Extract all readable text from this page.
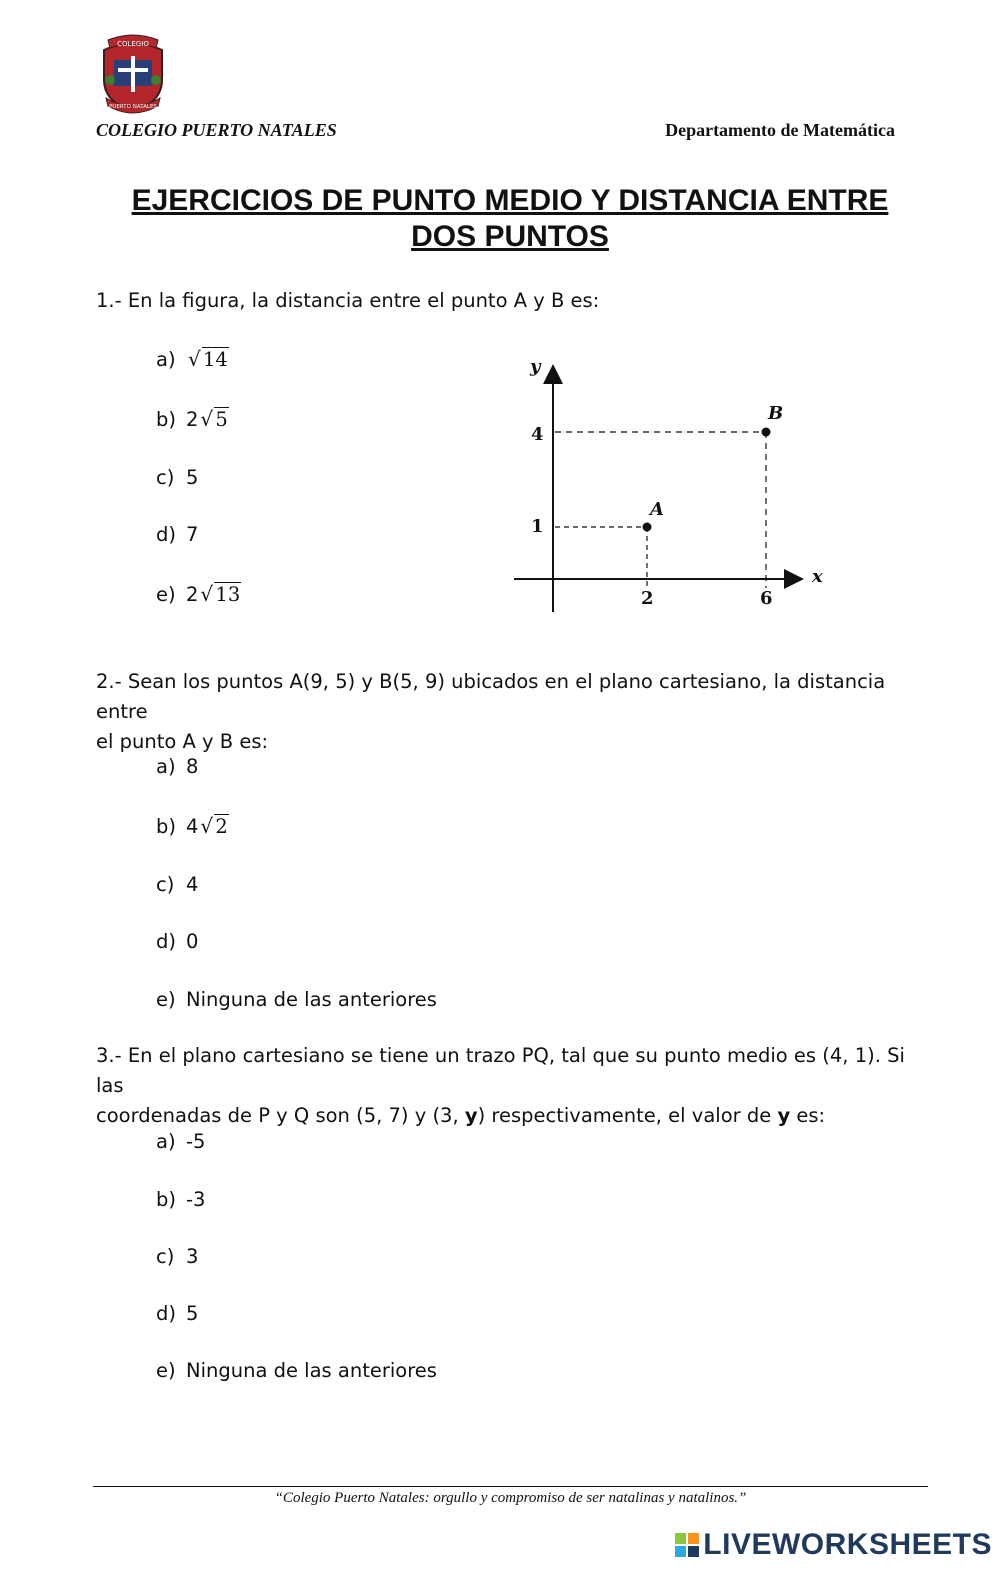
COLEGIO
PUERTO NATALES
COLEGIO PUERTO NATALES	Departamento de Matemática
EJERCICIOS DE PUNTO MEDIO Y DISTANCIA ENTRE
DOS PUNTOS
1.- En la figura, la distancia entre el punto A y B es:
a) √ 14
b) 2 √ 5
c) 5
d) 7
e) 2 √ 13
y
x
4
1
2	6
B
A
2.- Sean los puntos A(9, 5) y B(5, 9) ubicados en el plano cartesiano, la distancia entre
el punto A y B es:
a) 8
b) 4 √ 2
c) 4
d) 0
e) Ninguna de las anteriores
3.- En el plano cartesiano se tiene un trazo PQ, tal que su punto medio es (4, 1). Si las
coordenadas de P y Q son (5, 7) y (3, y) respectivamente, el valor de y es:
a) -5
b) -3
c) 3
d) 5
e) Ninguna de las anteriores
“Colegio Puerto Natales: orgullo y compromiso de ser natalinas y natalinos.”
LIVEWORKSHEETS
